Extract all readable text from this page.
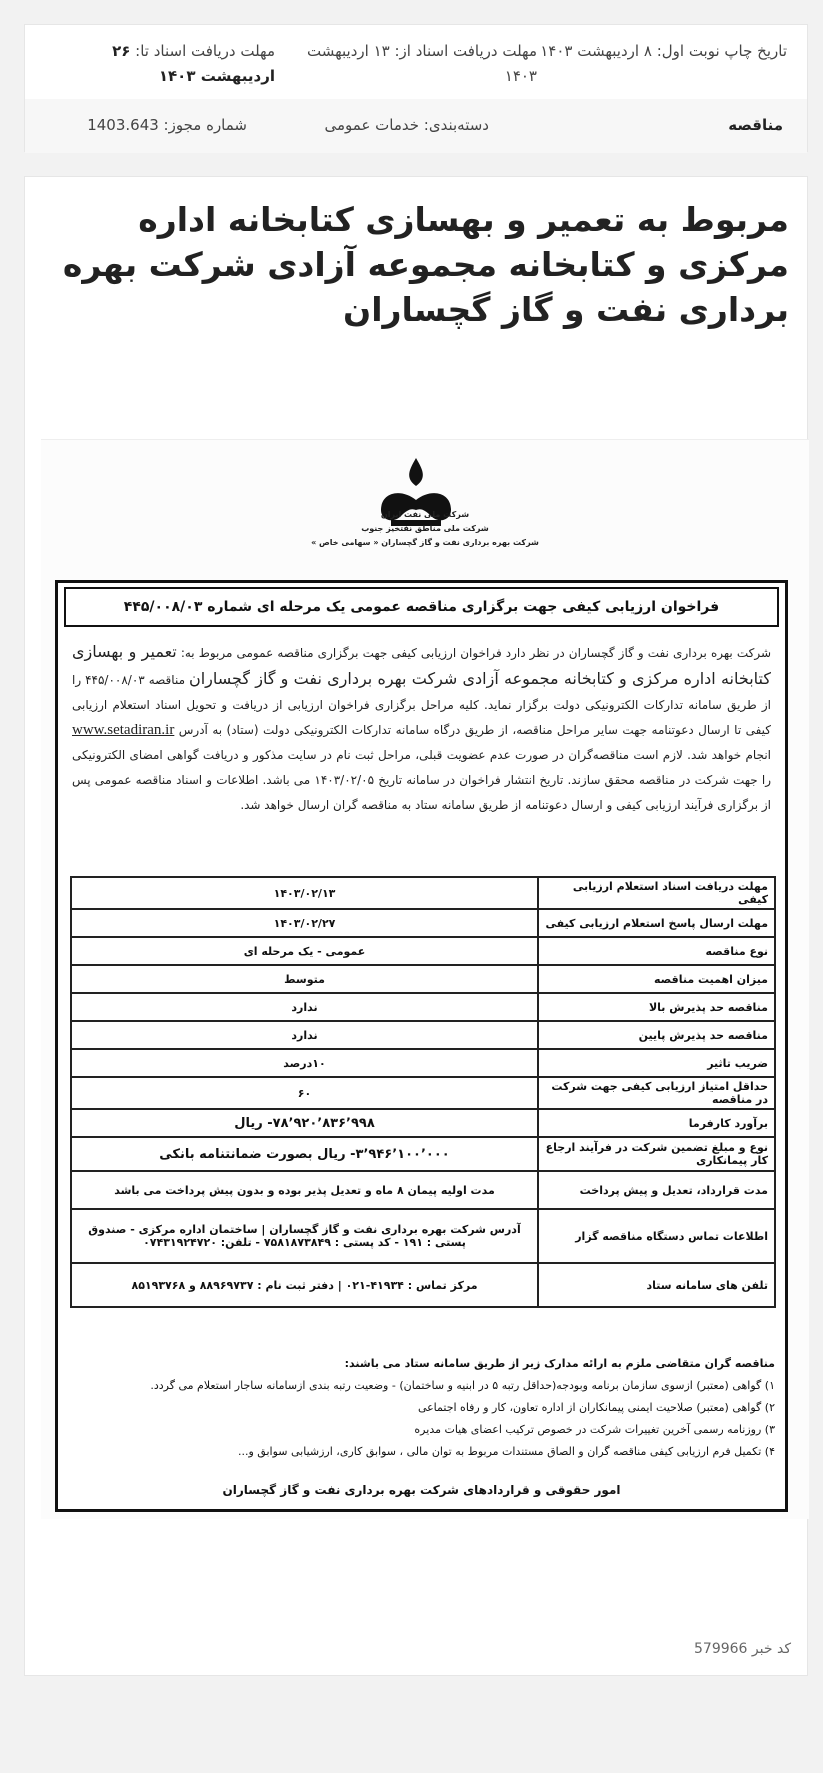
تاریخ چاپ نوبت اول: ۸ اردیبهشت ۱۴۰۳
مهلت دریافت اسناد از: ۱۳ اردیبهشت ۱۴۰۳
مهلت دریافت اسناد تا: ۲۶ اردیبهشت ۱۴۰۳
مناقصه
دسته‌بندی: خدمات عمومی
شماره مجوز: 1403.643
مربوط به تعمیر و بهسازی کتابخانه اداره مرکزی و کتابخانه مجموعه آزادی شرکت بهره برداری نفت و گاز گچساران
شرکت ملی نفت ایران
شرکت ملی مناطق نفتخیز جنوب
شرکت بهره برداری نفت و گاز گچساران « سهامی خاص »
فراخوان ارزیابی کیفی جهت برگزاری مناقصه عمومی یک مرحله ای شماره ۴۴۵/۰۰۸/۰۳

شرکت بهره برداری نفت و گاز گچساران در نظر دارد فراخوان ارزیابی کیفی جهت برگزاری مناقصه عمومی مربوط به: تعمیر و بهسازی کتابخانه اداره مرکزی و کتابخانه مجموعه آزادی شرکت بهره برداری نفت و گاز گچساران مناقصه ۴۴۵/۰۰۸/۰۳ را از طریق سامانه تدارکات الکترونیکی دولت برگزار نماید. کلیه مراحل برگزاری فراخوان ارزیابی از دریافت و تحویل اسناد استعلام ارزیابی کیفی تا ارسال دعوتنامه جهت سایر مراحل مناقصه، از طریق درگاه سامانه تدارکات الکترونیکی دولت (ستاد) به آدرس www.setadiran.ir انجام خواهد شد. لازم است مناقصه‌گران در صورت عدم عضویت قبلی، مراحل ثبت نام در سایت مذکور و دریافت گواهی امضای الکترونیکی را جهت شرکت در مناقصه محقق سازند. تاریخ انتشار فراخوان در سامانه تاریخ ۱۴۰۳/۰۲/۰۵ می باشد. اطلاعات و اسناد مناقصه عمومی پس از برگزاری فرآیند ارزیابی کیفی و ارسال دعوتنامه از طریق سامانه ستاد به مناقصه گران ارسال خواهد شد.

مهلت دریافت اسناد استعلام ارزیابی کیفی	۱۴۰۳/۰۲/۱۳
مهلت ارسال پاسخ استعلام ارزیابی کیفی	۱۴۰۳/۰۲/۲۷
نوع مناقصه	عمومی - یک مرحله ای
میزان اهمیت مناقصه	متوسط
مناقصه حد پذیرش بالا	ندارد
مناقصه حد پذیرش پایین	ندارد
ضریب تاثیر	۱۰درصد
حداقل امتیاز ارزیابی کیفی جهت شرکت در مناقصه	۶۰
برآورد کارفرما	۷۸٬۹۲۰٬۸۳۶٬۹۹۸- ریال
نوع و مبلغ تضمین شرکت در فرآیند ارجاع کار پیمانکاری	۳٬۹۴۶٬۱۰۰٬۰۰۰- ریال بصورت ضمانتنامه بانکی
مدت قرارداد، تعدیل و پیش پرداخت	مدت اولیه پیمان ۸ ماه و تعدیل پذیر بوده و بدون پیش پرداخت می باشد
اطلاعات تماس دستگاه مناقصه گزار	آدرس شرکت بهره برداری نفت و گاز گچساران | ساختمان اداره مرکزی - صندوق پستی : ۱۹۱ - کد پستی : ۷۵۸۱۸۷۳۸۴۹ - تلفن: ۰۷۴۳۱۹۲۴۷۲۰
تلفن های سامانه ستاد	مرکز تماس : ۴۱۹۳۴-۰۲۱ | دفتر ثبت نام : ۸۸۹۶۹۷۳۷ و ۸۵۱۹۳۷۶۸
مناقصه گران متقاضی ملزم به ارائه مدارک زیر از طریق سامانه ستاد می باشند:
۱) گواهی (معتبر) ازسوی سازمان برنامه وبودجه(حداقل رتبه ۵ در ابنیه و ساختمان) - وضعیت رتبه بندی ازسامانه ساجار استعلام می گردد.
۲) گواهی (معتبر) صلاحیت ایمنی پیمانکاران از اداره تعاون، کار و رفاه اجتماعی
۳) روزنامه رسمی آخرین تغییرات شرکت در خصوص ترکیب اعضای هیات مدیره
۴) تکمیل فرم ارزیابی کیفی مناقصه گران و الصاق مستندات مربوط به توان مالی ، سوابق کاری، ارزشیابی سوابق و...
امور حقوقی و قراردادهای شرکت بهره برداری نفت و گاز گچساران
کد خبر 579966
